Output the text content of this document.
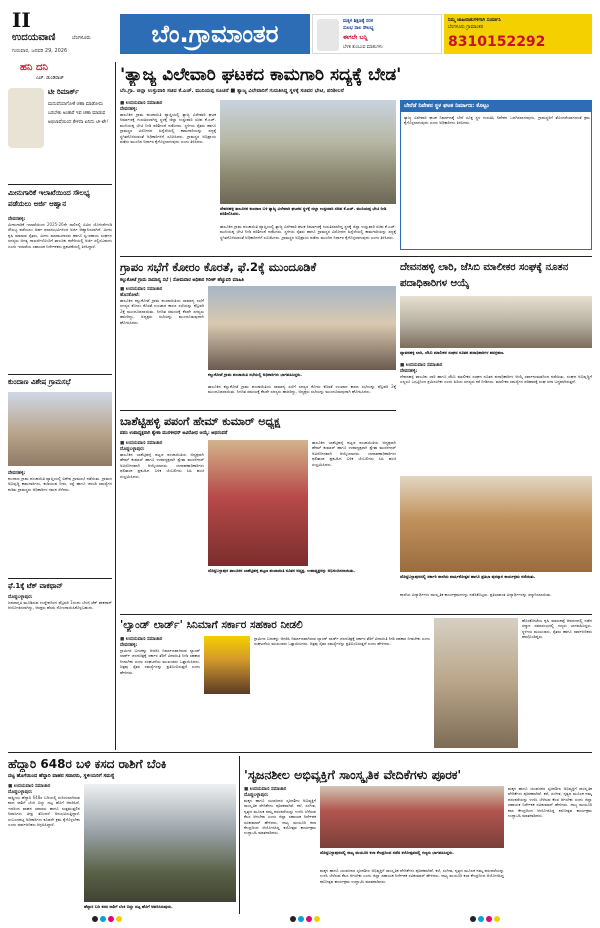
II
ಉದಯವಾಣಿ	ಬೆಂಗಳೂರು
ಗುರುವಾರ, ಜನವರಿ 29, 2026
ಬೆಂ.ಗ್ರಾಮಾಂತರ	ಮಕ್ಕಳ ಶಿಕ್ಷಣಕ್ಕೆ ಸರಳ
ಸುಲಭ ಸಾಲ ಸೌಲಭ್ಯ
ಈಗಲೇ ಬನ್ನಿ
ಬೆಳಕ ತುಂಬುವ ಮಾತುಗಳು
ನಿಮ್ಮ ಜಾಹೀರಾತುಗಳಿಗಾಗಿ ಸಂಪರ್ಕಿಸಿ
ಬೆಂಗಳೂರು ಗ್ರಾಮಾಂತರ
8310152292
ಹನಿ ದನಿ
ಎಚ್. ಡುಂಡಿರಾಜ್
ಟೀ ರಿಮಾರ್ಕ್
ಮದುವೆಯಾಗೋಕೆ ಚಹಾ ಮಾಡೋದು ಬರಬೇಕು ಅಂತಾರೆ ಇವ ಚಹಾ ಮಾಡುವ ಅಭಿಲಾಷೆಯಿಂದ ಕೇಳಿದಾ ಏನಿದು ಟೀ-ಟೇ!
ಮೀನುಗಾರಿಕೆ ಇಲಾಖೆಯಿಂದ ಸೌಲಭ್ಯ ಪಡೆಯಲು ಅರ್ಜಿ ಆಹ್ವಾನ
ದೇವನಹಳ್ಳಿ:
ಮೀನುಗಾರಿಕೆ ಇಲಾಖೆಯಿಂದ 2025-26ನೇ ಸಾಲಿನಲ್ಲಿ ವಿವಿಧ ಯೋಜನೆಗಳಡಿ ಸೌಲಭ್ಯ ಪಡೆಯಲು ಅರ್ಹ ಫಲಾನುಭವಿಗಳಿಂದ ಅರ್ಜಿ ಆಹ್ವಾನಿಸಲಾಗಿದೆ. ಮೀನು ಕೃಷಿ ಮಾಡುವ ರೈತರು, ಮೀನು ಮಾರಾಟಗಾರರು ಹಾಗೂ ಸ್ವ-ಸಹಾಯ ಸಂಘಗಳ ಸದಸ್ಯರು ಅಗತ್ಯ ದಾಖಲೆಗಳೊಂದಿಗೆ ತಾಲೂಕು ಕಚೇರಿಯಲ್ಲಿ ಅರ್ಜಿ ಸಲ್ಲಿಸಬಹುದು ಎಂದು ಇಲಾಖೆಯ ಸಹಾಯಕ ನಿರ್ದೇಶಕರು ಪ್ರಕಟಣೆಯಲ್ಲಿ ತಿಳಿಸಿದ್ದಾರೆ.
ಕುಂದಾಣ ವಿಶೇಷ ಗ್ರಾಮಸಭೆ
ದೇವನಹಳ್ಳಿ:
ಕುಂದಾಣ ಗ್ರಾಮ ಪಂಚಾಯಿತಿ ವ್ಯಾಪ್ತಿಯಲ್ಲಿ ವಿಶೇಷ ಗ್ರಾಮಸಭೆ ನಡೆಯಿತು. ಗ್ರಾಮದ ಅಭಿವೃದ್ಧಿ ಕಾಮಗಾರಿಗಳು, ಕುಡಿಯುವ ನೀರು, ರಸ್ತೆ ಹಾಗೂ ಚರಂಡಿ ಸಮಸ್ಯೆಗಳ ಕುರಿತು ಗ್ರಾಮಸ್ಥರು ಅಧಿಕಾರಿಗಳ ಗಮನ ಸೆಳೆದರು.
ಫೆ.1ಕ್ಕೆ ಟೆಕ್ ವಾಕಥಾನ್
ದೊಡ್ಡಬಳ್ಳಾಪುರ:
ಜನಜಾಗೃತಿ ಮೂಡಿಸುವ ಉದ್ದೇಶದಿಂದ ಫೆಬ್ರವರಿ 1ರಂದು ಬೆಳಗ್ಗೆ ಟೆಕ್ ವಾಕಥಾನ್ ಆಯೋಜಿಸಲಾಗಿದ್ದು, ಆಸಕ್ತರು ಹೆಸರು ನೋಂದಾಯಿಸಿಕೊಳ್ಳಬಹುದು.
'ತ್ಯಾಜ್ಯ ವಿಲೇವಾರಿ ಘಟಕದ ಕಾಮಗಾರಿ ಸದ್ಯಕ್ಕೆ ಬೇಡ'
ಬೆಂ.ಗ್ರಾ. ಜಿಲ್ಲಾ ಉಸ್ತುವಾರಿ ಸಚಿವ ಕೆ.ಎಚ್. ಮುನಿಯಪ್ಪ ಸೂಚನೆ ■ ತ್ಯಾಜ್ಯ ವಿಲೇವಾರಿಗೆ ಗುರುತಿಸಿದ್ದ ಸ್ಥಳಕ್ಕೆ ಸಚಿವರ ಭೇಟಿ, ಪರಿಶೀಲನೆ
■ ಉದಯವಾಣಿ ಸಮಾಚಾರ
ದೇವನಹಳ್ಳಿ:
ತಾಲೂಕಿನ ಗ್ರಾಮ ಪಂಚಾಯಿತಿ ವ್ಯಾಪ್ತಿಯಲ್ಲಿ ತ್ಯಾಜ್ಯ ವಿಲೇವಾರಿ ಘಟಕ ನಿರ್ಮಾಣಕ್ಕೆ ಗುರುತಿಸಲಾಗಿದ್ದ ಸ್ಥಳಕ್ಕೆ ಜಿಲ್ಲಾ ಉಸ್ತುವಾರಿ ಸಚಿವ ಕೆ.ಎಚ್. ಮುನಿಯಪ್ಪ ಭೇಟಿ ನೀಡಿ ಪರಿಶೀಲನೆ ನಡೆಸಿದರು. ಸ್ಥಳೀಯ ರೈತರು ಹಾಗೂ ಗ್ರಾಮಸ್ಥರ ವಿರೋಧದ ಹಿನ್ನೆಲೆಯಲ್ಲಿ ಕಾಮಗಾರಿಯನ್ನು ಸದ್ಯಕ್ಕೆ ಸ್ಥಗಿತಗೊಳಿಸುವಂತೆ ಅಧಿಕಾರಿಗಳಿಗೆ ಸೂಚಿಸಿದರು. ಗ್ರಾಮಸ್ಥರ ಅಭಿಪ್ರಾಯ ಪಡೆದು ಮುಂದಿನ ನಿರ್ಧಾರ ಕೈಗೊಳ್ಳಲಾಗುವುದು ಎಂದು ತಿಳಿಸಿದರು.
ದೇವನಹಳ್ಳಿ ತಾಲೂಕಿನ ಕುಂದಾಣ ಬಳಿ ತ್ಯಾಜ್ಯ ವಿಲೇವಾರಿ ಘಟಕದ ಸ್ಥಳಕ್ಕೆ ಜಿಲ್ಲಾ ಉಸ್ತುವಾರಿ ಸಚಿವ ಕೆ.ಎಚ್. ಮುನಿಯಪ್ಪ ಭೇಟಿ ನೀಡಿ ಪರಿಶೀಲಿಸಿದರು.
ಬೇರೆಡೆ ನಿವೇಶನ ಸ್ಥಳ ಘಟಕ ನಿರ್ಮಾಣ: ಕೊಟ್ಟಂ
ತ್ಯಾಜ್ಯ ವಿಲೇವಾರಿ ಘಟಕ ನಿರ್ಮಾಣಕ್ಕೆ ಬೇರೆ ಸೂಕ್ತ ಸ್ಥಳ ಗುರುತಿಸಿ ನಿವೇಶನ ಒದಗಿಸಲಾಗುವುದು. ಗ್ರಾಮಸ್ಥರಿಗೆ ತೊಂದರೆಯಾಗದಂತೆ ಕ್ರಮ ಕೈಗೊಳ್ಳಲಾಗುವುದು ಎಂದು ಅಧಿಕಾರಿಗಳು ತಿಳಿಸಿದರು.
ತಾಲೂಕಿನ ಗ್ರಾಮ ಪಂಚಾಯಿತಿ ವ್ಯಾಪ್ತಿಯಲ್ಲಿ ತ್ಯಾಜ್ಯ ವಿಲೇವಾರಿ ಘಟಕ ನಿರ್ಮಾಣಕ್ಕೆ ಗುರುತಿಸಲಾಗಿದ್ದ ಸ್ಥಳಕ್ಕೆ ಜಿಲ್ಲಾ ಉಸ್ತುವಾರಿ ಸಚಿವ ಕೆ.ಎಚ್. ಮುನಿಯಪ್ಪ ಭೇಟಿ ನೀಡಿ ಪರಿಶೀಲನೆ ನಡೆಸಿದರು. ಸ್ಥಳೀಯ ರೈತರು ಹಾಗೂ ಗ್ರಾಮಸ್ಥರ ವಿರೋಧದ ಹಿನ್ನೆಲೆಯಲ್ಲಿ ಕಾಮಗಾರಿಯನ್ನು ಸದ್ಯಕ್ಕೆ ಸ್ಥಗಿತಗೊಳಿಸುವಂತೆ ಅಧಿಕಾರಿಗಳಿಗೆ ಸೂಚಿಸಿದರು. ಗ್ರಾಮಸ್ಥರ ಅಭಿಪ್ರಾಯ ಪಡೆದು ಮುಂದಿನ ನಿರ್ಧಾರ ಕೈಗೊಳ್ಳಲಾಗುವುದು ಎಂದು ತಿಳಿಸಿದರು.
ಗ್ರಾಪಂ ಸಭೆಗೆ ಕೋರಂ ಕೊರತೆ, ಫೆ.2ಕ್ಕೆ ಮುಂದೂಡಿಕೆ
ಕಲ್ಲುಕೋಟೆ ಗ್ರಾಮ ಸಾಮಾನ್ಯ ಸಭೆ | ಸೋಮವಾರ ಅಧಿಕಾರ ಗಿರೀಶ್ ಹೆಚ್ಚುವರಿ ಮಾಹಿತಿ
■ ಉದಯವಾಣಿ ಸಮಾಚಾರ
ಹೊಸಕೋಟೆ:
ತಾಲೂಕಿನ ಕಲ್ಲುಕೋಟೆ ಗ್ರಾಮ ಪಂಚಾಯಿತಿಯ ಸಾಮಾನ್ಯ ಸಭೆಗೆ ಸದಸ್ಯರ ಕೋರಂ ಕೊರತೆ ಉಂಟಾದ ಕಾರಣ ಸಭೆಯನ್ನು ಫೆಬ್ರವರಿ 2ಕ್ಕೆ ಮುಂದೂಡಲಾಯಿತು. ನಿಗದಿತ ಸಮಯಕ್ಕೆ ಕೆಲವೇ ಸದಸ್ಯರು ಹಾಜರಿದ್ದು, ಅಧ್ಯಕ್ಷರು ಸಭೆಯನ್ನು ಮುಂದೂಡುವುದಾಗಿ ಘೋಷಿಸಿದರು.
ಕಲ್ಲುಕೋಟೆ ಗ್ರಾಮ ಪಂಚಾಯಿತಿ ಸಭೆಯಲ್ಲಿ ಅಧಿಕಾರಿಗಳು ಭಾಗವಹಿಸಿದ್ದರು.
ತಾಲೂಕಿನ ಕಲ್ಲುಕೋಟೆ ಗ್ರಾಮ ಪಂಚಾಯಿತಿಯ ಸಾಮಾನ್ಯ ಸಭೆಗೆ ಸದಸ್ಯರ ಕೋರಂ ಕೊರತೆ ಉಂಟಾದ ಕಾರಣ ಸಭೆಯನ್ನು ಫೆಬ್ರವರಿ 2ಕ್ಕೆ ಮುಂದೂಡಲಾಯಿತು. ನಿಗದಿತ ಸಮಯಕ್ಕೆ ಕೆಲವೇ ಸದಸ್ಯರು ಹಾಜರಿದ್ದು, ಅಧ್ಯಕ್ಷರು ಸಭೆಯನ್ನು ಮುಂದೂಡುವುದಾಗಿ ಘೋಷಿಸಿದರು.
ದೇವನಹಳ್ಳಿ ಲಾರಿ, ಜೆಸಿಬಿ ಮಾಲೀಕರ ಸಂಘಕ್ಕೆ ನೂತನ ಪದಾಧಿಕಾರಿಗಳ ಆಯ್ಕೆ
ದ್ಯಾವನಹಳ್ಳಿ ಲಾರಿ, ಜೆಸಿಬಿ ಮಾಲೀಕರ ಸಂಘದ ನೂತನ ಪದಾಧಿಕಾರಿಗಳ ಪದಗ್ರಹಣ.
■ ಉದಯವಾಣಿ ಸಮಾಚಾರ
ದೇವನಹಳ್ಳಿ:
ದೇವನಹಳ್ಳಿ ತಾಲೂಕು ಲಾರಿ ಹಾಗೂ ಜೆಸಿಬಿ ಮಾಲೀಕರ ಸಂಘದ ನೂತನ ಪದಾಧಿಕಾರಿಗಳ ಆಯ್ಕೆ ಸರ್ವಾನುಮತದಿಂದ ನಡೆಯಿತು. ಸಂಘದ ಅಭಿವೃದ್ಧಿಗೆ ಎಲ್ಲರೂ ಒಗ್ಗಟ್ಟಿನಿಂದ ಶ್ರಮಿಸಬೇಕು ಎಂದು ಹಿರಿಯ ಸದಸ್ಯರು ಕರೆ ನೀಡಿದರು. ಮಾಲೀಕರ ಸಮಸ್ಯೆಗಳ ಪರಿಹಾರಕ್ಕೆ ಸಂಘ ಸದಾ ಬದ್ಧವಾಗಿರುತ್ತದೆ.
ಬಾಶೆಟ್ಟಿಹಳ್ಳಿ ಪಪಂಗೆ ಹೇಮ್ ಕುಮಾರ್ ಅಧ್ಯಕ್ಷ
ಪಪಂ ಉಪಾಧ್ಯಕ್ಷರಾಗಿ ಶ್ವೇತಾ ಮುರಳೀಧರ್ ಅವಿರೋಧ ಆಯ್ಕೆ: ಅಭಿನಂದನೆ
■ ಉದಯವಾಣಿ ಸಮಾಚಾರ
ದೊಡ್ಡಬಳ್ಳಾಪುರ:
ತಾಲೂಕಿನ ಬಾಶೆಟ್ಟಿಹಳ್ಳಿ ಪಟ್ಟಣ ಪಂಚಾಯಿತಿಯ ಅಧ್ಯಕ್ಷರಾಗಿ ಹೇಮ್ ಕುಮಾರ್ ಹಾಗೂ ಉಪಾಧ್ಯಕ್ಷರಾಗಿ ಶ್ವೇತಾ ಮುರಳೀಧರ್ ಅವಿರೋಧವಾಗಿ ಆಯ್ಕೆಯಾದರು. ಚುನಾವಣಾಧಿಕಾರಿಗಳು ಫಲಿತಾಂಶ ಪ್ರಕಟಿಸಿದ ಬಳಿಕ ಬೆಂಬಲಿಗರು ಸಿಹಿ ಹಂಚಿ ಸಂಭ್ರಮಿಸಿದರು.
ದೊಡ್ಡಬಳ್ಳಾಪುರ ತಾಲೂಕಿನ ಬಾಶೆಟ್ಟಿಹಳ್ಳಿ ಪಟ್ಟಣ ಪಂಚಾಯಿತಿ ನೂತನ ಅಧ್ಯಕ್ಷ, ಉಪಾಧ್ಯಕ್ಷರನ್ನು ಅಭಿನಂದಿಸಲಾಯಿತು.
ತಾಲೂಕಿನ ಬಾಶೆಟ್ಟಿಹಳ್ಳಿ ಪಟ್ಟಣ ಪಂಚಾಯಿತಿಯ ಅಧ್ಯಕ್ಷರಾಗಿ ಹೇಮ್ ಕುಮಾರ್ ಹಾಗೂ ಉಪಾಧ್ಯಕ್ಷರಾಗಿ ಶ್ವೇತಾ ಮುರಳೀಧರ್ ಅವಿರೋಧವಾಗಿ ಆಯ್ಕೆಯಾದರು. ಚುನಾವಣಾಧಿಕಾರಿಗಳು ಫಲಿತಾಂಶ ಪ್ರಕಟಿಸಿದ ಬಳಿಕ ಬೆಂಬಲಿಗರು ಸಿಹಿ ಹಂಚಿ ಸಂಭ್ರಮಿಸಿದರು.
ದೊಡ್ಡಬಳ್ಳಾಪುರದಲ್ಲಿ ಸರ್ಕಾರಿ ಶಾಲೆಯ ವಾರ್ಷಿಕೋತ್ಸವ ಹಾಗೂ ಪ್ರತಿಭಾ ಪುರಸ್ಕಾರ ಕಾರ್ಯಕ್ರಮ ನಡೆಯಿತು.
ಶಾಲೆಯ ವಿದ್ಯಾರ್ಥಿಗಳು ಸಾಂಸ್ಕೃತಿಕ ಕಾರ್ಯಕ್ರಮಗಳನ್ನು ನಡೆಸಿಕೊಟ್ಟರು. ಪ್ರತಿಭಾವಂತ ವಿದ್ಯಾರ್ಥಿಗಳನ್ನು ಸನ್ಮಾನಿಸಲಾಯಿತು.
'ಲ್ಯಾಂಡ್ ಲಾರ್ಡ್' ಸಿನಿಮಾಗೆ ಸರ್ಕಾರ ಸಹಕಾರ ನೀಡಲಿ
■ ಉದಯವಾಣಿ ಸಮಾಚಾರ
ದೇವನಹಳ್ಳಿ:
ಗ್ರಾಮೀಣ ಬದುಕನ್ನು ಆಧರಿಸಿ ನಿರ್ಮಾಣವಾಗಿರುವ ಲ್ಯಾಂಡ್ ಲಾರ್ಡ್ ಚಲನಚಿತ್ರಕ್ಕೆ ಸರ್ಕಾರ ತೆರಿಗೆ ವಿನಾಯಿತಿ ನೀಡಿ ಸಹಕಾರ ನೀಡಬೇಕು ಎಂದು ಸಂಘಟನೆಯ ಮುಖಂಡರು ಒತ್ತಾಯಿಸಿದರು. ಚಿತ್ರವು ರೈತರ ಸಮಸ್ಯೆಗಳನ್ನು ಪ್ರತಿಬಿಂಬಿಸುತ್ತದೆ ಎಂದು ಹೇಳಿದರು.
ಗ್ರಾಮೀಣ ಬದುಕನ್ನು ಆಧರಿಸಿ ನಿರ್ಮಾಣವಾಗಿರುವ ಲ್ಯಾಂಡ್ ಲಾರ್ಡ್ ಚಲನಚಿತ್ರಕ್ಕೆ ಸರ್ಕಾರ ತೆರಿಗೆ ವಿನಾಯಿತಿ ನೀಡಿ ಸಹಕಾರ ನೀಡಬೇಕು ಎಂದು ಸಂಘಟನೆಯ ಮುಖಂಡರು ಒತ್ತಾಯಿಸಿದರು. ಚಿತ್ರವು ರೈತರ ಸಮಸ್ಯೆಗಳನ್ನು ಪ್ರತಿಬಿಂಬಿಸುತ್ತದೆ ಎಂದು ಹೇಳಿದರು.
ಹೊಸಕೋಟೆಯ ಕೃಷಿ ಮಾರುಕಟ್ಟೆ ಆವರಣದಲ್ಲಿ ನಡೆದ ಸನ್ಮಾನ ಸಮಾರಂಭದಲ್ಲಿ ಗಣ್ಯರು ಭಾಗವಹಿಸಿದ್ದರು. ಸ್ಥಳೀಯ ಮುಖಂಡರು, ರೈತರು ಹಾಗೂ ಸಾರ್ವಜನಿಕರು ಪಾಲ್ಗೊಂಡಿದ್ದರು.
ಹೆದ್ದಾರಿ 648ರ ಬಳಿ ಕಸದ ರಾಶಿಗೆ ಬೆಂಕಿ
ದಟ್ಟ ಹೊಗೆಯಿಂದ ಹೆದ್ದಾರಿ ವಾಹನ ಸವಾರರು, ಸ್ಥಳೀಯರಿಗೆ ಸಮಸ್ಯೆ
■ ಉದಯವಾಣಿ ಸಮಾಚಾರ
ದೊಡ್ಡಬಳ್ಳಾಪುರ:
ರಾಷ್ಟ್ರೀಯ ಹೆದ್ದಾರಿ 648ರ ಬದಿಯಲ್ಲಿ ಸುರಿಯಲಾಗಿರುವ ಕಸದ ರಾಶಿಗೆ ಬೆಂಕಿ ಬಿದ್ದು ದಟ್ಟ ಹೊಗೆ ಆವರಿಸಿದೆ. ಇದರಿಂದ ವಾಹನ ಸವಾರರು ಹಾಗೂ ಸುತ್ತಮುತ್ತಲಿನ ನಿವಾಸಿಗಳು ತೀವ್ರ ತೊಂದರೆ ಅನುಭವಿಸುತ್ತಿದ್ದಾರೆ. ಸಂಬಂಧಪಟ್ಟ ಅಧಿಕಾರಿಗಳು ಕೂಡಲೇ ಕ್ರಮ ಕೈಗೊಳ್ಳಬೇಕು ಎಂದು ಸಾರ್ವಜನಿಕರು ಆಗ್ರಹಿಸಿದ್ದಾರೆ.
ಹೆದ್ದಾರಿ ಬದಿ ಕಸದ ರಾಶಿಗೆ ಬೆಂಕಿ ಬಿದ್ದು ದಟ್ಟ ಹೊಗೆ ಆವರಿಸಿರುವುದು.
'ಸೃಜನಶೀಲ ಅಭಿವ್ಯಕ್ತಿಗೆ ಸಾಂಸ್ಕೃತಿಕ ವೇದಿಕೆಗಳು ಪೂರಕ'
■ ಉದಯವಾಣಿ ಸಮಾಚಾರ
ದೊಡ್ಡಬಳ್ಳಾಪುರ:
ಮಕ್ಕಳ ಹಾಗೂ ಯುವಜನರ ಸೃಜನಶೀಲ ಅಭಿವ್ಯಕ್ತಿಗೆ ಸಾಂಸ್ಕೃತಿಕ ವೇದಿಕೆಗಳು ಪೂರಕವಾಗಿವೆ. ಕಲೆ, ಸಂಗೀತ, ನೃತ್ಯದ ಮೂಲಕ ನಮ್ಮ ಪರಂಪರೆಯನ್ನು ಉಳಿಸಿ ಬೆಳೆಸುವ ಕೆಲಸ ಆಗಬೇಕು ಎಂದು ಜಿಲ್ಲಾ ಸಹಾಯಕ ನಿರ್ದೇಶಕ ರವಿಕುಮಾರ್ ಹೇಳಿದರು. ನಾಟ್ಯ ಮಯೂರಿ ಕಲಾ ಕೇಂದ್ರದಿಂದ ಆಯೋಜಿಸಿದ್ದ ಕಲೋತ್ಸವ ಕಾರ್ಯಕ್ರಮ ಉದ್ಘಾಟಿಸಿ ಮಾತನಾಡಿದರು.
ದೊಡ್ಡಬಳ್ಳಾಪುರದಲ್ಲಿ ನಾಟ್ಯ ಮಯೂರಿ ಕಲಾ ಕೇಂದ್ರದಿಂದ ನಡೆದ ಕಲೋತ್ಸವದಲ್ಲಿ ಗಣ್ಯರು ಭಾಗವಹಿಸಿದ್ದರು.
ಮಕ್ಕಳ ಹಾಗೂ ಯುವಜನರ ಸೃಜನಶೀಲ ಅಭಿವ್ಯಕ್ತಿಗೆ ಸಾಂಸ್ಕೃತಿಕ ವೇದಿಕೆಗಳು ಪೂರಕವಾಗಿವೆ. ಕಲೆ, ಸಂಗೀತ, ನೃತ್ಯದ ಮೂಲಕ ನಮ್ಮ ಪರಂಪರೆಯನ್ನು ಉಳಿಸಿ ಬೆಳೆಸುವ ಕೆಲಸ ಆಗಬೇಕು ಎಂದು ಜಿಲ್ಲಾ ಸಹಾಯಕ ನಿರ್ದೇಶಕ ರವಿಕುಮಾರ್ ಹೇಳಿದರು. ನಾಟ್ಯ ಮಯೂರಿ ಕಲಾ ಕೇಂದ್ರದಿಂದ ಆಯೋಜಿಸಿದ್ದ ಕಲೋತ್ಸವ ಕಾರ್ಯಕ್ರಮ ಉದ್ಘಾಟಿಸಿ ಮಾತನಾಡಿದರು.
ಮಕ್ಕಳ ಹಾಗೂ ಯುವಜನರ ಸೃಜನಶೀಲ ಅಭಿವ್ಯಕ್ತಿಗೆ ಸಾಂಸ್ಕೃತಿಕ ವೇದಿಕೆಗಳು ಪೂರಕವಾಗಿವೆ. ಕಲೆ, ಸಂಗೀತ, ನೃತ್ಯದ ಮೂಲಕ ನಮ್ಮ ಪರಂಪರೆಯನ್ನು ಉಳಿಸಿ ಬೆಳೆಸುವ ಕೆಲಸ ಆಗಬೇಕು ಎಂದು ಜಿಲ್ಲಾ ಸಹಾಯಕ ನಿರ್ದೇಶಕ ರವಿಕುಮಾರ್ ಹೇಳಿದರು. ನಾಟ್ಯ ಮಯೂರಿ ಕಲಾ ಕೇಂದ್ರದಿಂದ ಆಯೋಜಿಸಿದ್ದ ಕಲೋತ್ಸವ ಕಾರ್ಯಕ್ರಮ ಉದ್ಘಾಟಿಸಿ ಮಾತನಾಡಿದರು.
